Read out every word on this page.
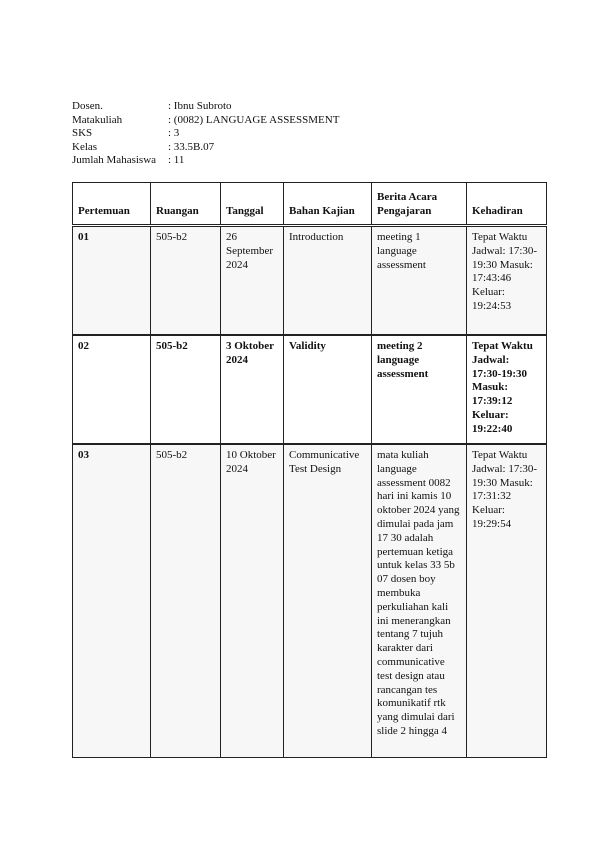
Dosen.	: Ibnu Subroto
Matakuliah	: (0082) LANGUAGE ASSESSMENT
SKS	: 3
Kelas	: 33.5B.07
Jumlah Mahasiswa	: 11
Pertemuan	Ruangan	Tanggal	Bahan Kajian	Berita Acara Pengajaran	Kehadiran
01	505-b2	26 September 2024	Introduction	meeting 1 language assessment	Tepat Waktu Jadwal: 17:30-19:30 Masuk: 17:43:46 Keluar: 19:24:53
02	505-b2	3 Oktober 2024	Validity	meeting 2 language assessment	Tepat Waktu Jadwal: 17:30-19:30 Masuk: 17:39:12 Keluar: 19:22:40
03	505-b2	10 Oktober 2024	Communicative Test Design	mata kuliah language assessment 0082 hari ini kamis 10 oktober 2024 yang dimulai pada jam 17 30 adalah pertemuan ketiga untuk kelas 33 5b 07 dosen boy membuka perkuliahan kali ini menerangkan tentang 7 tujuh karakter dari communicative test design atau rancangan tes komunikatif rtk yang dimulai dari slide 2 hingga 4	Tepat Waktu Jadwal: 17:30-19:30 Masuk: 17:31:32 Keluar: 19:29:54
